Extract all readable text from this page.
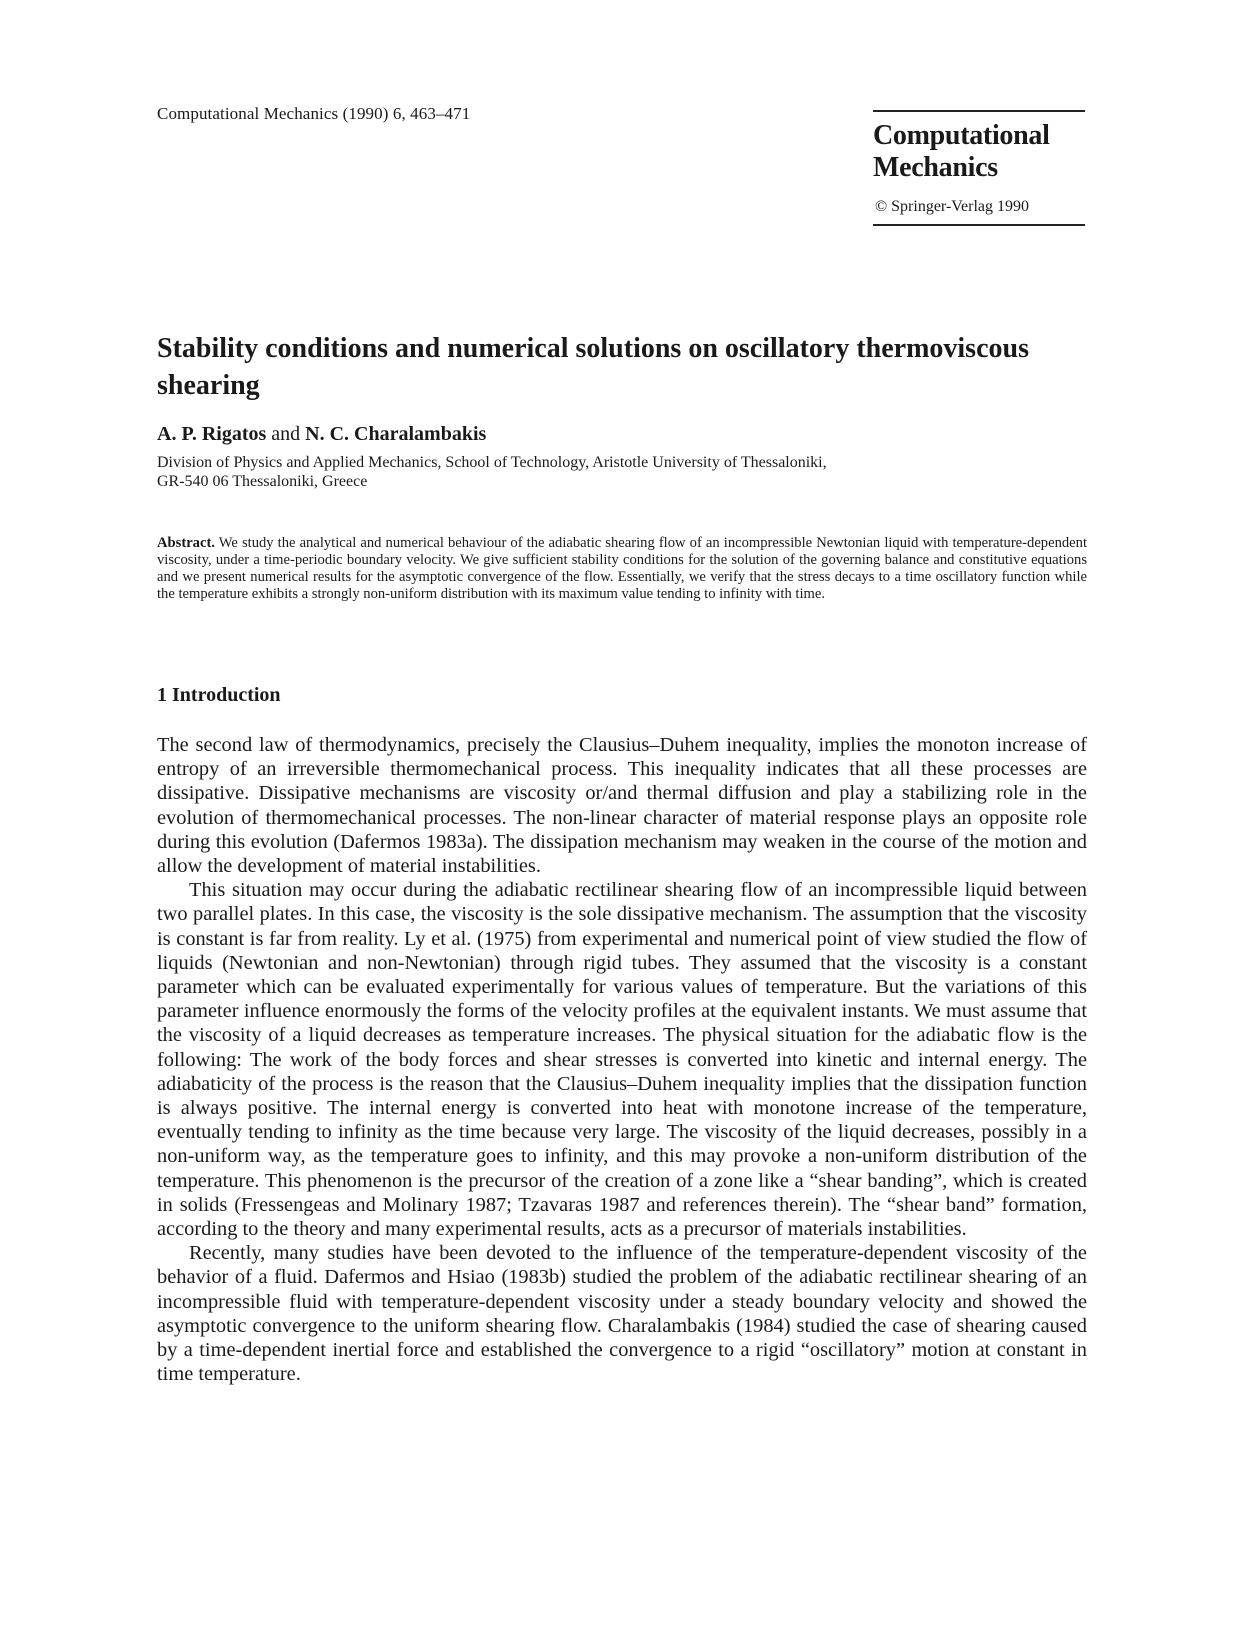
Computational Mechanics (1990) 6, 463–471
Computational
Mechanics
© Springer-Verlag 1990
Stability conditions and numerical solutions on oscillatory thermoviscous shearing
A. P. Rigatos and N. C. Charalambakis
Division of Physics and Applied Mechanics, School of Technology, Aristotle University of Thessaloniki,
GR-540 06 Thessaloniki, Greece
Abstract. We study the analytical and numerical behaviour of the adiabatic shearing flow of an incompressible Newtonian liquid with temperature-dependent viscosity, under a time-periodic boundary velocity. We give sufficient stability conditions for the solution of the governing balance and constitutive equations and we present numerical results for the asymptotic convergence of the flow. Essentially, we verify that the stress decays to a time oscillatory function while the temperature exhibits a strongly non-uniform distribution with its maximum value tending to infinity with time.
1 Introduction

The second law of thermodynamics, precisely the Clausius–Duhem inequality, implies the monoton increase of entropy of an irreversible thermomechanical process. This inequality indicates that all these processes are dissipative. Dissipative mechanisms are viscosity or/and thermal diffusion and play a stabilizing role in the evolution of thermomechanical processes. The non-linear character of material response plays an opposite role during this evolution (Dafermos 1983a). The dissipation mechanism may weaken in the course of the motion and allow the development of material instabilities.

This situation may occur during the adiabatic rectilinear shearing flow of an incompressible liquid between two parallel plates. In this case, the viscosity is the sole dissipative mechanism. The assumption that the viscosity is constant is far from reality. Ly et al. (1975) from experimental and numerical point of view studied the flow of liquids (Newtonian and non-Newtonian) through rigid tubes. They assumed that the viscosity is a constant parameter which can be evaluated experimentally for various values of temperature. But the variations of this parameter influence enormously the forms of the velocity profiles at the equivalent instants. We must assume that the viscosity of a liquid decreases as temperature increases. The physical situation for the adiabatic flow is the following: The work of the body forces and shear stresses is converted into kinetic and internal energy. The adiabaticity of the process is the reason that the Clausius–Duhem inequality implies that the dissipation function is always positive. The internal energy is converted into heat with monotone increase of the temperature, eventually tending to infinity as the time because very large. The viscosity of the liquid decreases, possibly in a non-uniform way, as the temperature goes to infinity, and this may provoke a non-uniform distribution of the temperature. This phenomenon is the precursor of the creation of a zone like a “shear banding”, which is created in solids (Fressengeas and Molinary 1987; Tzavaras 1987 and references therein). The “shear band” formation, according to the theory and many experimental results, acts as a precursor of materials instabilities.

Recently, many studies have been devoted to the influence of the temperature-dependent viscosity of the behavior of a fluid. Dafermos and Hsiao (1983b) studied the problem of the adiabatic rectilinear shearing of an incompressible fluid with temperature-dependent viscosity under a steady boundary velocity and showed the asymptotic convergence to the uniform shearing flow. Charalambakis (1984) studied the case of shearing caused by a time-dependent inertial force and established the convergence to a rigid “oscillatory” motion at constant in time temperature.
